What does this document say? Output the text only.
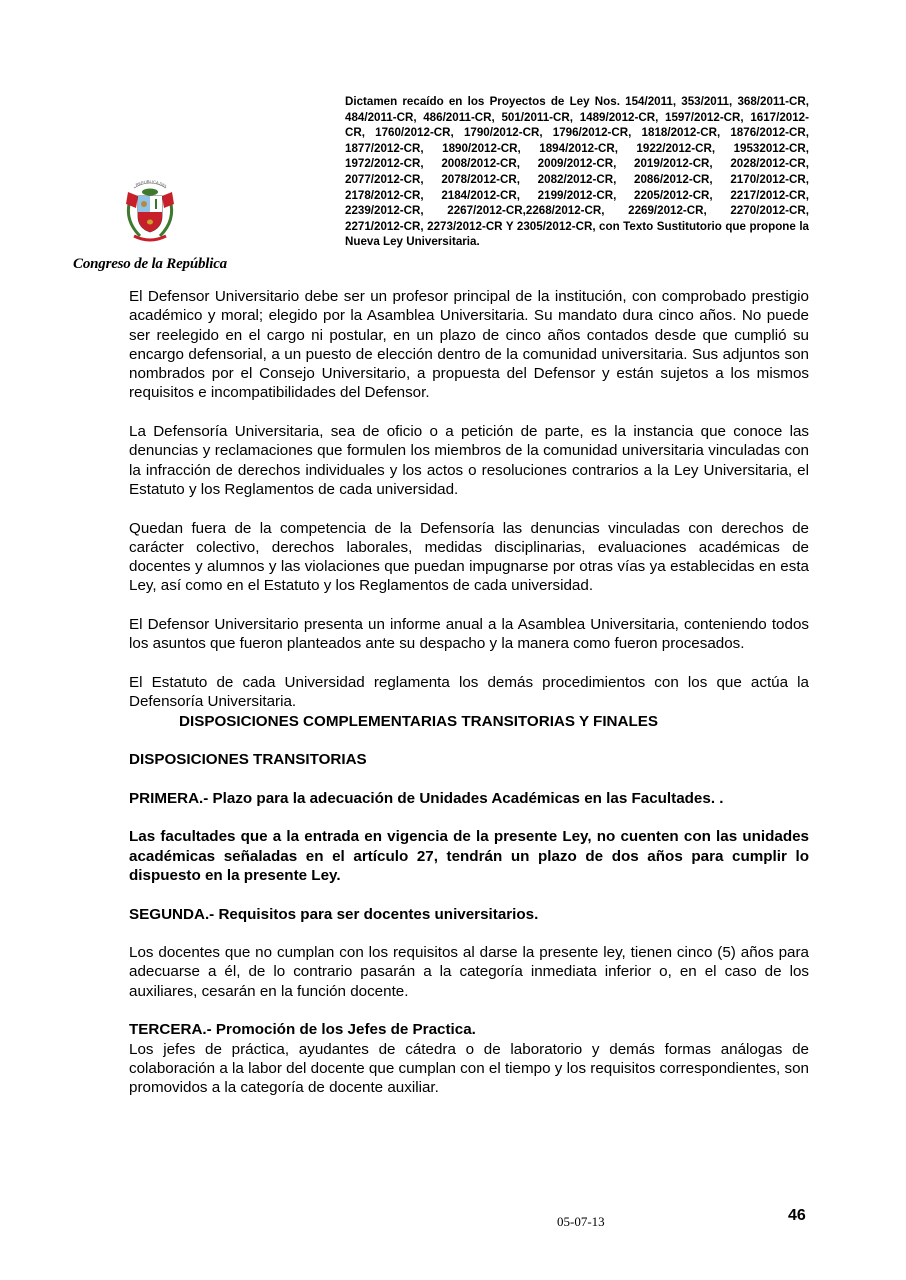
REPUBLICA DEL
Congreso de la República
Dictamen recaído en los Proyectos de Ley Nos. 154/2011, 353/2011, 368/2011-CR, 484/2011-CR, 486/2011-CR, 501/2011-CR, 1489/2012-CR, 1597/2012-CR, 1617/2012-CR, 1760/2012-CR, 1790/2012-CR, 1796/2012-CR, 1818/2012-CR, 1876/2012-CR, 1877/2012-CR, 1890/2012-CR, 1894/2012-CR, 1922/2012-CR, 19532012-CR, 1972/2012-CR, 2008/2012-CR, 2009/2012-CR, 2019/2012-CR, 2028/2012-CR, 2077/2012-CR, 2078/2012-CR, 2082/2012-CR, 2086/2012-CR, 2170/2012-CR, 2178/2012-CR, 2184/2012-CR, 2199/2012-CR, 2205/2012-CR, 2217/2012-CR, 2239/2012-CR, 2267/2012-CR,2268/2012-CR, 2269/2012-CR, 2270/2012-CR, 2271/2012-CR, 2273/2012-CR Y 2305/2012-CR, con Texto Sustitutorio que propone la Nueva Ley Universitaria.

El Defensor Universitario debe ser un profesor principal de la institución, con comprobado prestigio académico y moral; elegido por la Asamblea Universitaria. Su mandato dura cinco años. No puede ser reelegido en el cargo ni postular, en un plazo de cinco años contados desde que cumplió su encargo defensorial, a un puesto de elección dentro de la comunidad universitaria. Sus adjuntos son nombrados por el Consejo Universitario, a propuesta del Defensor y están sujetos a los mismos requisitos e incompatibilidades del Defensor.

La Defensoría Universitaria, sea de oficio o a petición de parte, es la instancia que conoce las denuncias y reclamaciones que formulen los miembros de la comunidad universitaria vinculadas con la infracción de derechos individuales y los actos o resoluciones contrarios a la Ley Universitaria, el Estatuto y los Reglamentos de cada universidad.

Quedan fuera de la competencia de la Defensoría las denuncias vinculadas con derechos de carácter colectivo, derechos laborales, medidas disciplinarias, evaluaciones académicas de docentes y alumnos y las violaciones que puedan impugnarse por otras vías ya establecidas en esta Ley, así como en el Estatuto y los Reglamentos de cada universidad.

El Defensor Universitario presenta un informe anual a la Asamblea Universitaria, conteniendo todos los asuntos que fueron planteados ante su despacho y la manera como fueron procesados.

El Estatuto de cada Universidad reglamenta los demás procedimientos con los que actúa la Defensoría Universitaria.

DISPOSICIONES COMPLEMENTARIAS TRANSITORIAS Y FINALES

DISPOSICIONES TRANSITORIAS

PRIMERA.- Plazo para la adecuación de Unidades Académicas en las Facultades. .

Las facultades que a la entrada en vigencia de la presente Ley, no cuenten con las unidades académicas señaladas en el artículo 27, tendrán un plazo de dos años para cumplir lo dispuesto en la presente Ley.

SEGUNDA.- Requisitos para ser docentes universitarios.

Los docentes que no cumplan con los requisitos al darse la presente ley, tienen cinco (5) años para adecuarse a él, de lo contrario pasarán a la categoría inmediata inferior o, en el caso de los auxiliares, cesarán en la función docente.

TERCERA.- Promoción de los Jefes de Practica.

Los jefes de práctica, ayudantes de cátedra o de laboratorio y demás formas análogas de colaboración a la labor del docente que cumplan con el tiempo y los requisitos correspondientes, son promovidos a la categoría de docente auxiliar.

05-07-13	46
